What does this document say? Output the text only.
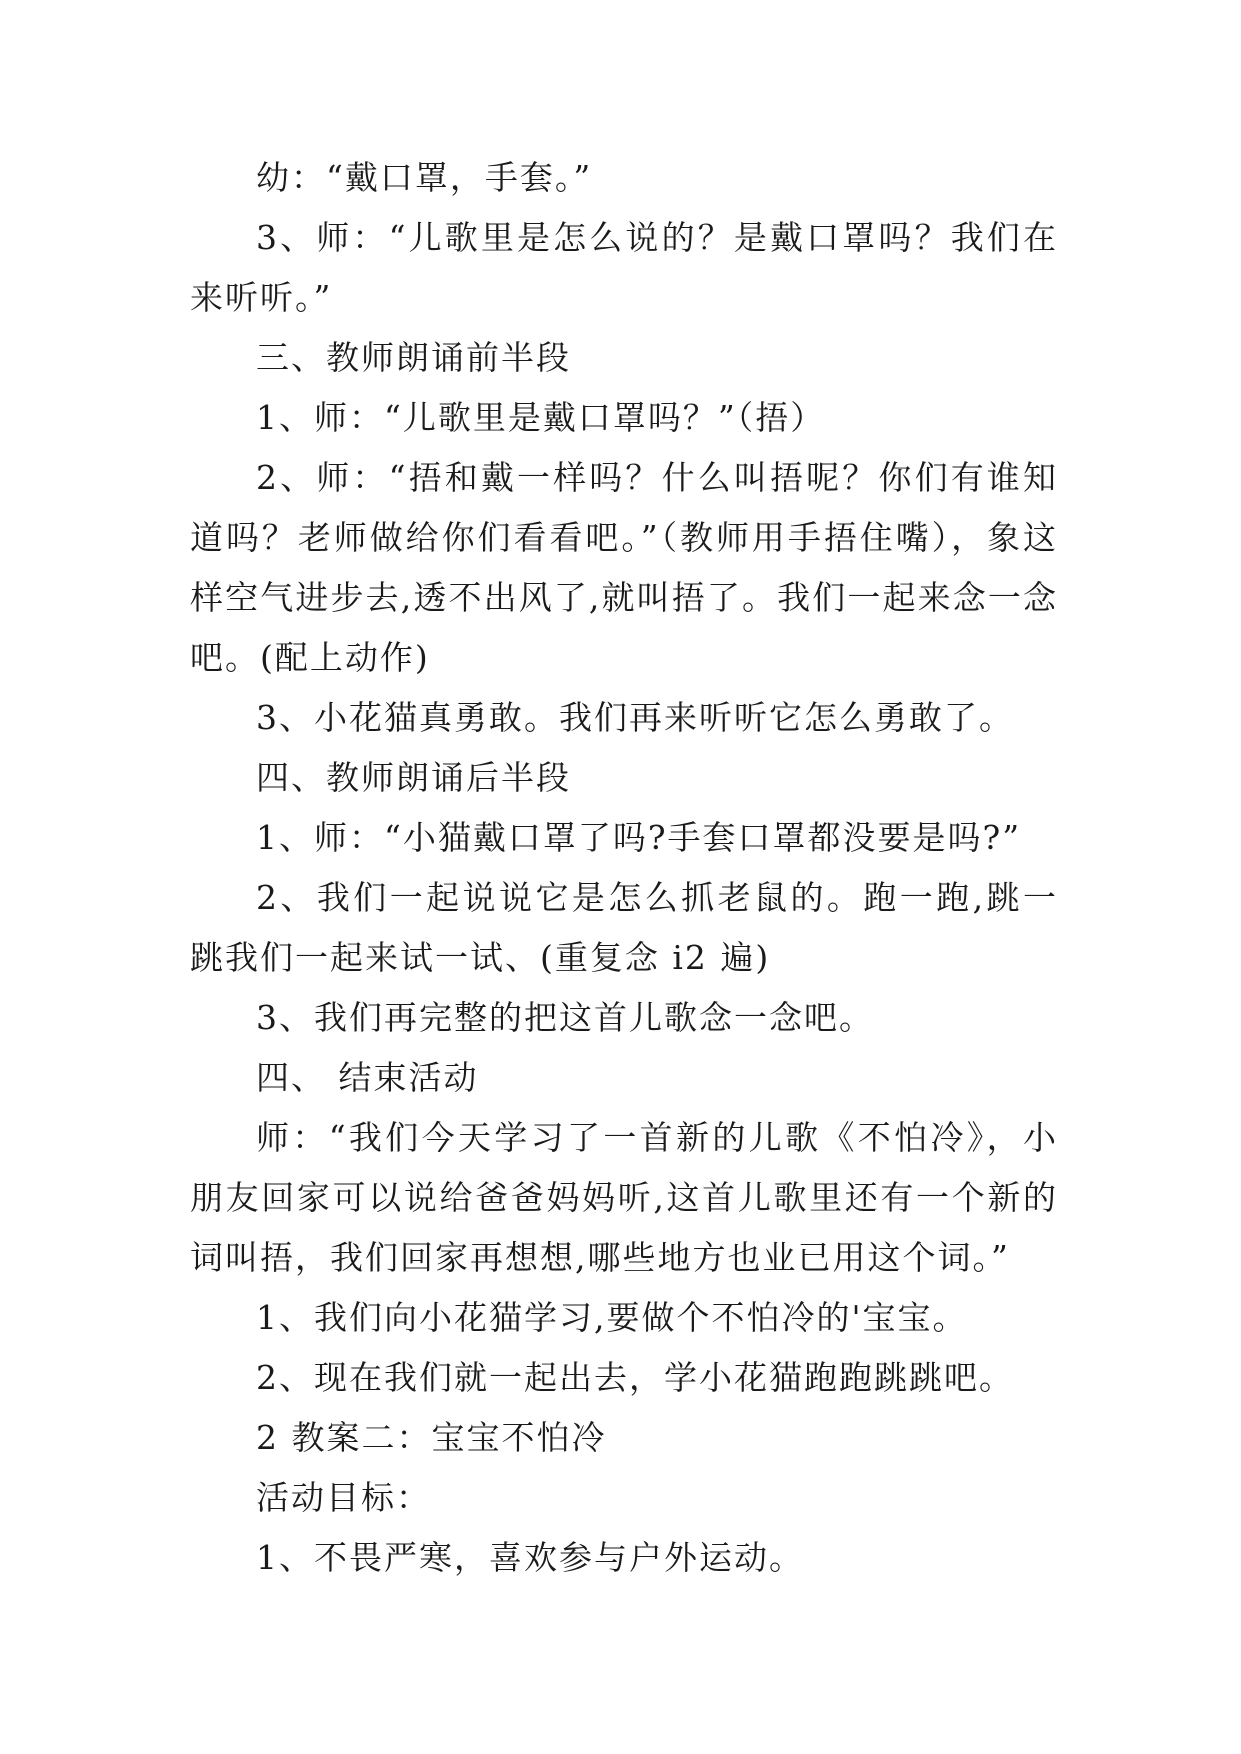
幼：“戴口罩，手套。”

3、师：“儿歌里是怎么说的？是戴口罩吗？我们在来听听。”

三、教师朗诵前半段

1、师：“儿歌里是戴口罩吗？”（捂）

2、师：“捂和戴一样吗？什么叫捂呢？你们有谁知道吗？老师做给你们看看吧。”（教师用手捂住嘴），象这样空气进步去,透不出风了,就叫捂了。我们一起来念一念吧。(配上动作)

3、小花猫真勇敢。我们再来听听它怎么勇敢了。

四、教师朗诵后半段

1、师：“小猫戴口罩了吗?手套口罩都没要是吗?”

2、我们一起说说它是怎么抓老鼠的。跑一跑,跳一跳我们一起来试一试、(重复念 i2 遍)

3、我们再完整的把这首儿歌念一念吧。

四、 结束活动

师：“我们今天学习了一首新的儿歌《不怕冷》，小朋友回家可以说给爸爸妈妈听,这首儿歌里还有一个新的词叫捂，我们回家再想想,哪些地方也业已用这个词。”

1、我们向小花猫学习,要做个不怕冷的'宝宝。

2、现在我们就一起出去，学小花猫跑跑跳跳吧。

2 教案二：宝宝不怕冷

活动目标：

1、不畏严寒，喜欢参与户外运动。
